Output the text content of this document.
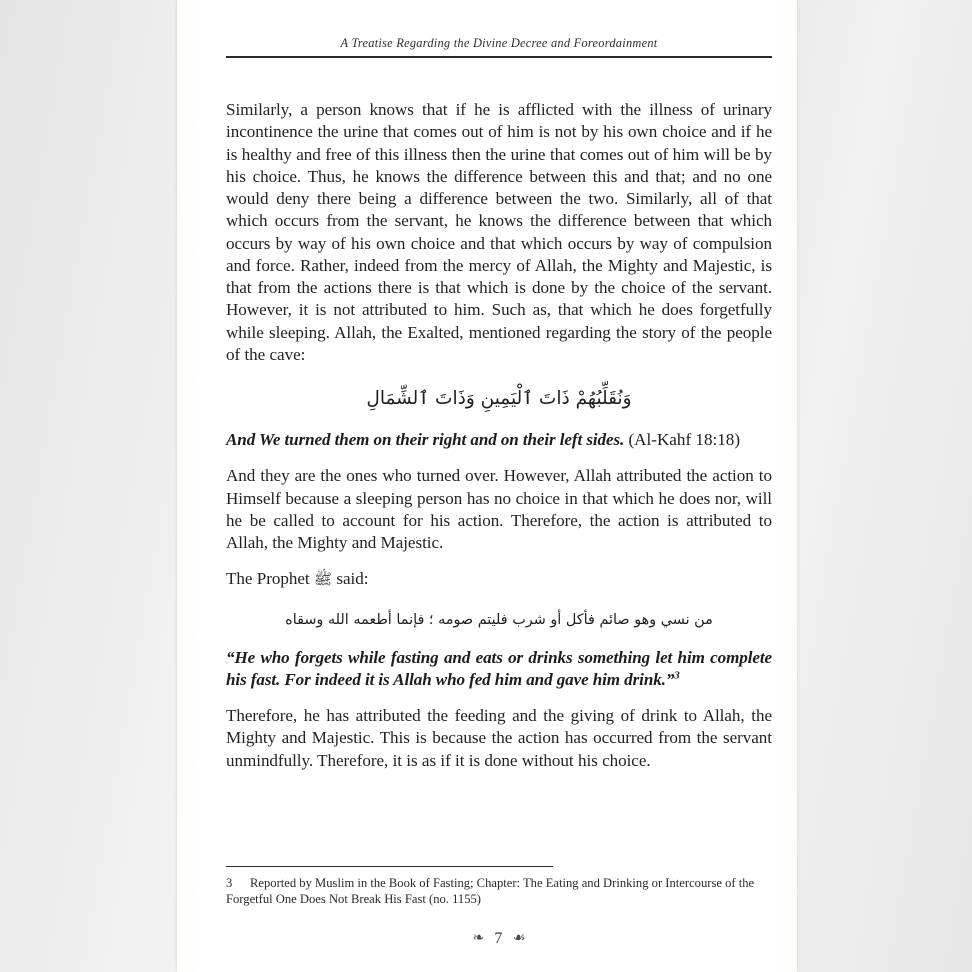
A Treatise Regarding the Divine Decree and Foreordainment

Similarly, a person knows that if he is afflicted with the illness of urinary incontinence the urine that comes out of him is not by his own choice and if he is healthy and free of this illness then the urine that comes out of him will be by his choice. Thus, he knows the difference between this and that; and no one would deny there being a difference between the two. Similarly, all of that which occurs from the servant, he knows the difference between that which occurs by way of his own choice and that which occurs by way of compulsion and force. Rather, indeed from the mercy of Allah, the Mighty and Majestic, is that from the actions there is that which is done by the choice of the servant. However, it is not attributed to him. Such as, that which he does forgetfully while sleeping. Allah, the Exalted, mentioned regarding the story of the people of the cave:

وَنُقَلِّبُهُمْ ذَاتَ ٱلْيَمِينِ وَذَاتَ ٱلشِّمَالِ

And We turned them on their right and on their left sides. (Al-Kahf 18:18)

And they are the ones who turned over. However, Allah attributed the action to Himself because a sleeping person has no choice in that which he does nor, will he be called to account for his action. Therefore, the action is attributed to Allah, the Mighty and Majestic.

The Prophet ﷺ said:

من نسي وهو صائم فأكل أو شرب فليتم صومه ؛ فإنما أطعمه الله وسقاه

“He who forgets while fasting and eats or drinks something let him complete his fast. For indeed it is Allah who fed him and gave him drink.”$^3$

Therefore, he has attributed the feeding and the giving of drink to Allah, the Mighty and Majestic. This is because the action has occurred from the servant unmindfully. Therefore, it is as if it is done without his choice.

3 Reported by Muslim in the Book of Fasting; Chapter: The Eating and Drinking or Intercourse of the Forgetful One Does Not Break His Fast (no. 1155)
❧ 7 ☙
